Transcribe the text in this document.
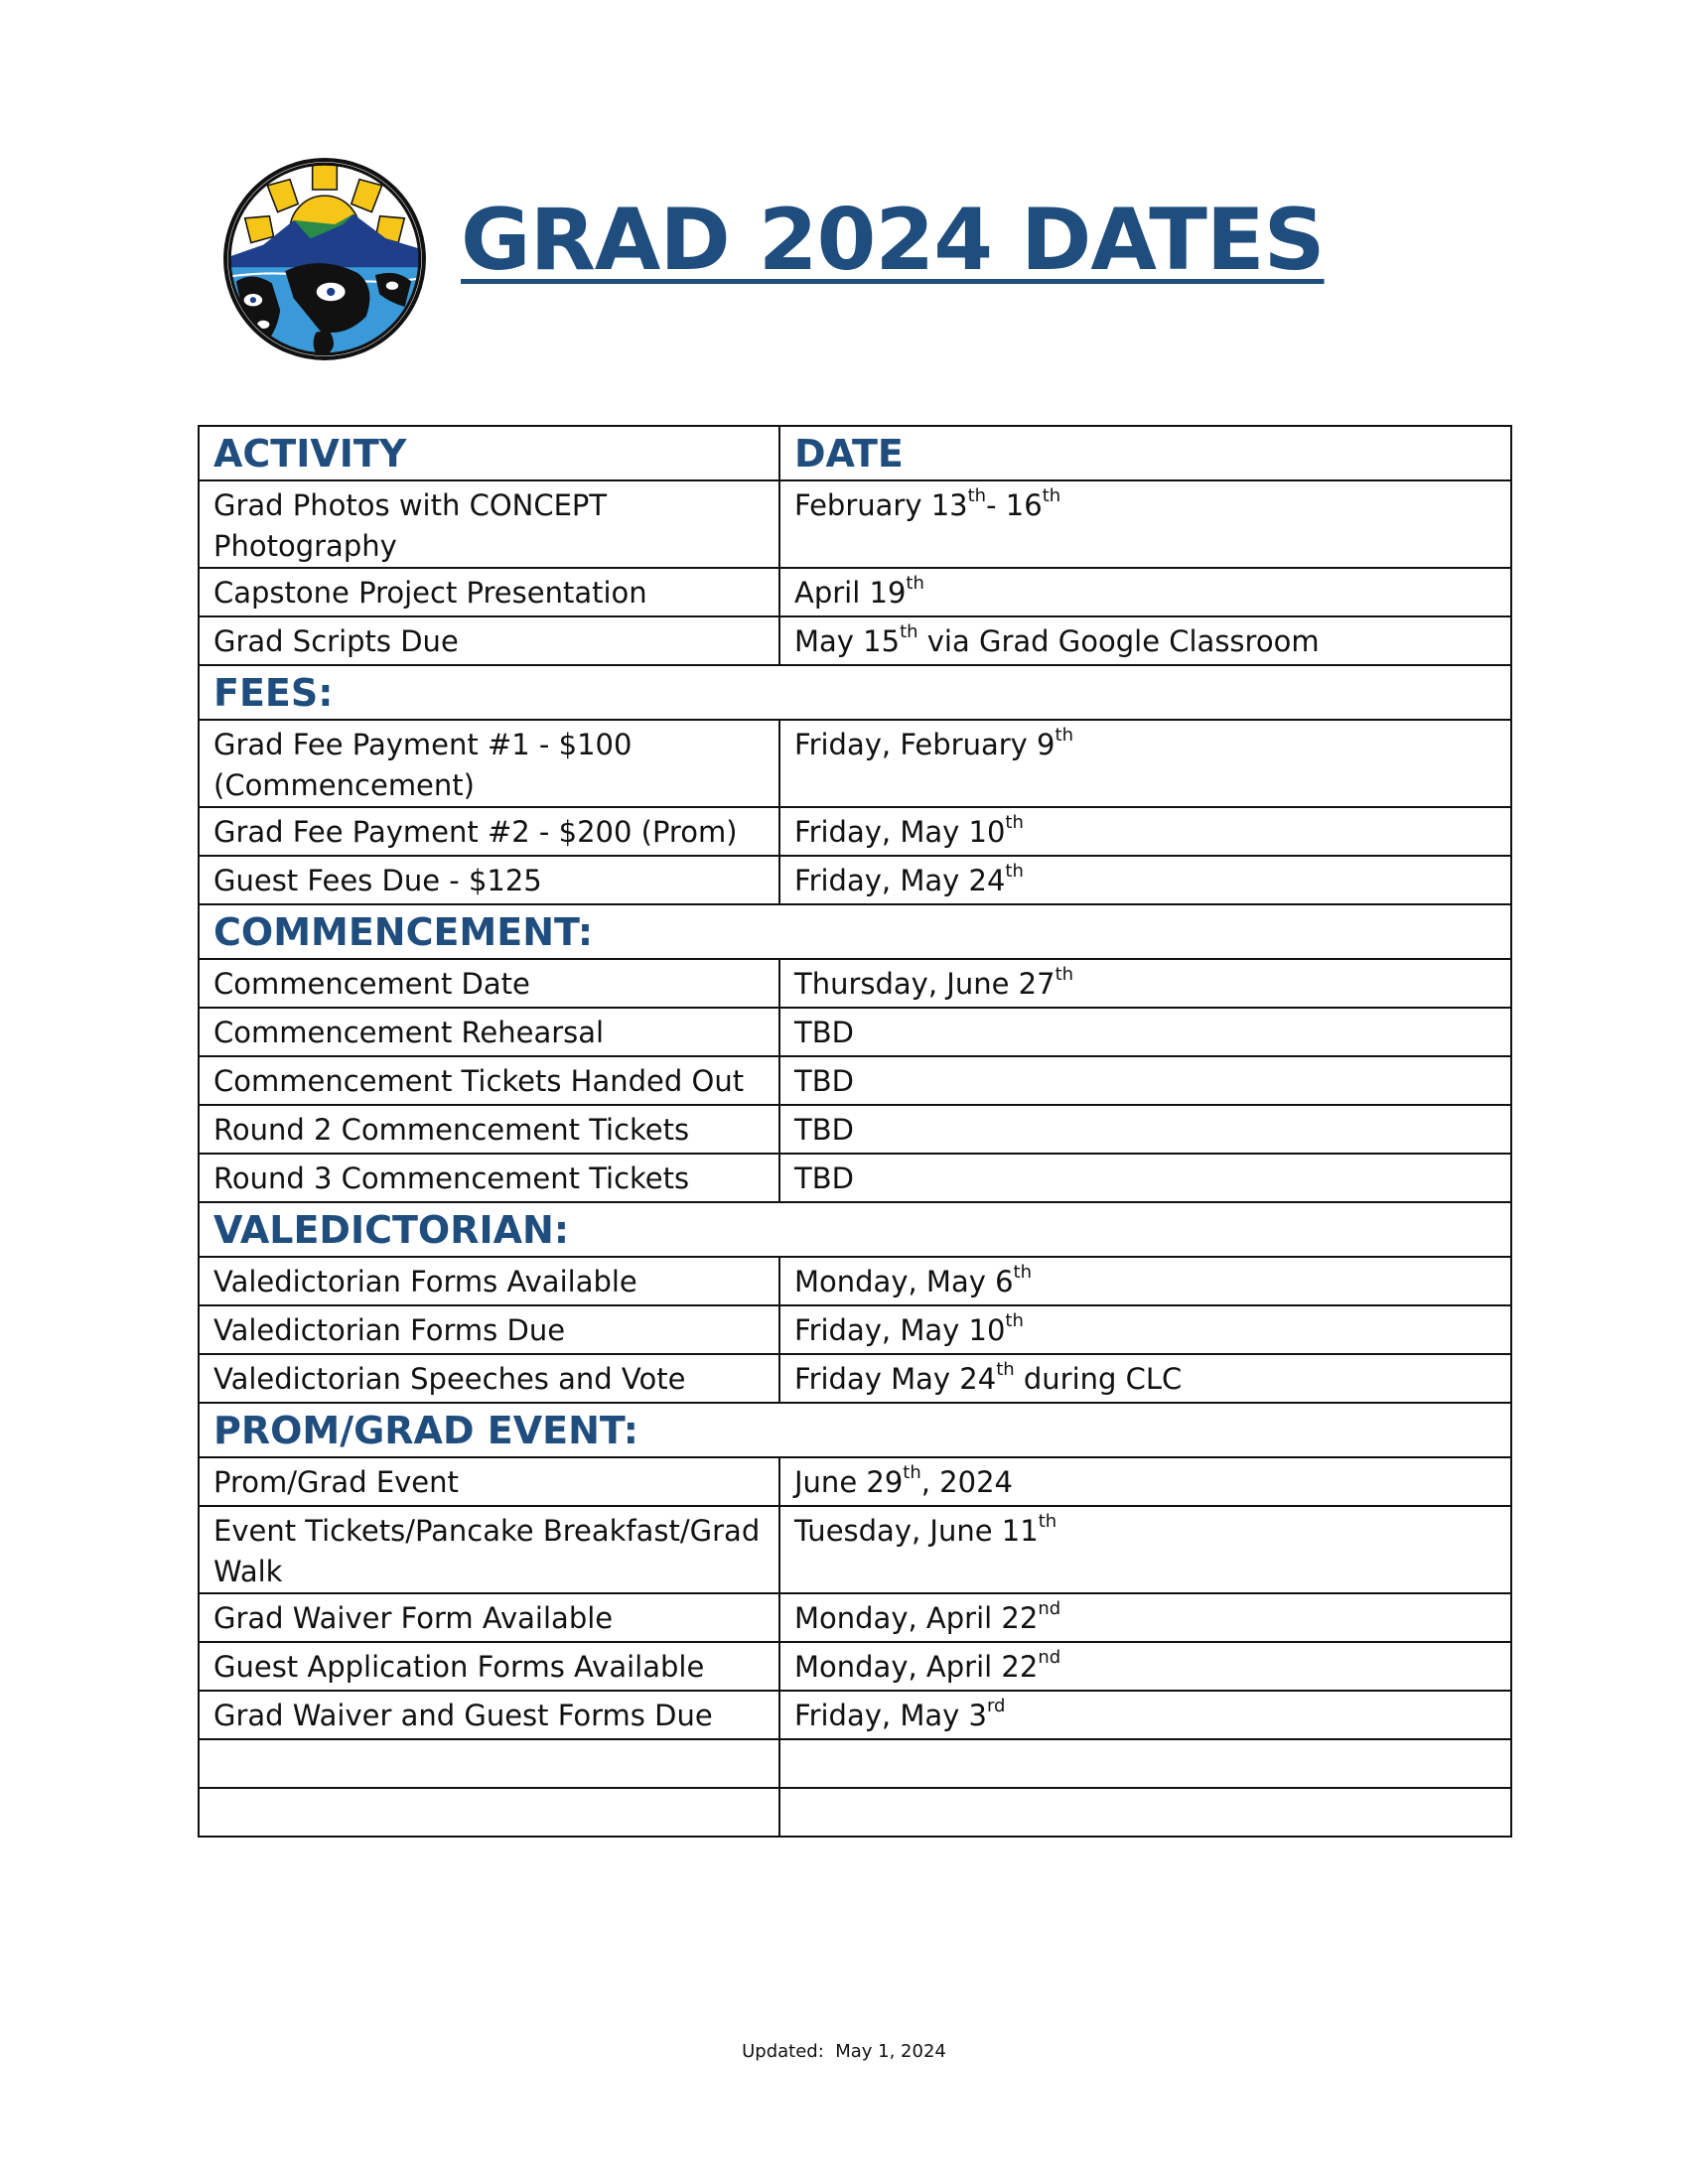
GRAD 2024 DATES
ACTIVITY	DATE
Grad Photos with CONCEPT Photography	February 13th- 16th
Capstone Project Presentation	April 19th
Grad Scripts Due	May 15th via Grad Google Classroom
FEES:	
Grad Fee Payment #1 - $100 (Commencement)	Friday, February 9th
Grad Fee Payment #2 - $200 (Prom)	Friday, May 10th
Guest Fees Due - $125	Friday, May 24th
COMMENCEMENT:	
Commencement Date	Thursday, June 27th
Commencement Rehearsal	TBD
Commencement Tickets Handed Out	TBD
Round 2 Commencement Tickets	TBD
Round 3 Commencement Tickets	TBD
VALEDICTORIAN:	
Valedictorian Forms Available	Monday, May 6th
Valedictorian Forms Due	Friday, May 10th
Valedictorian Speeches and Vote	Friday May 24th during CLC
PROM/GRAD EVENT:	
Prom/Grad Event	June 29th, 2024
Event Tickets/Pancake Breakfast/Grad Walk	Tuesday, June 11th
Grad Waiver Form Available	Monday, April 22nd
Guest Application Forms Available	Monday, April 22nd
Grad Waiver and Guest Forms Due	Friday, May 3rd

Updated:  May 1, 2024
